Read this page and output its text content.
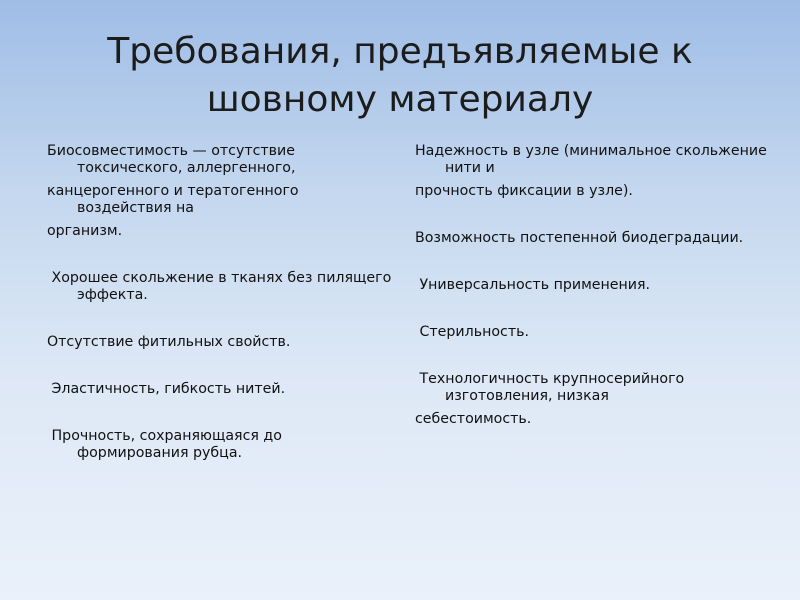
Требования, предъявляемые к
шовному материалу

Биосовместимость — отсутствие токсического, аллергенного,

канцерогенного и тератогенного воздействия на

организм.

Хорошее скольжение в тканях без пилящего эффекта.

Отсутствие фитильных свойств.

Эластичность, гибкость нитей.

Прочность, сохраняющаяся до формирования рубца.

Надежность в узле (минимальное скольжение нити и

прочность фиксации в узле).

Возможность постепенной биодеградации.

Универсальность применения.

Стерильность.

Технологичность крупносерийного изготовления, низкая

себестоимость.
